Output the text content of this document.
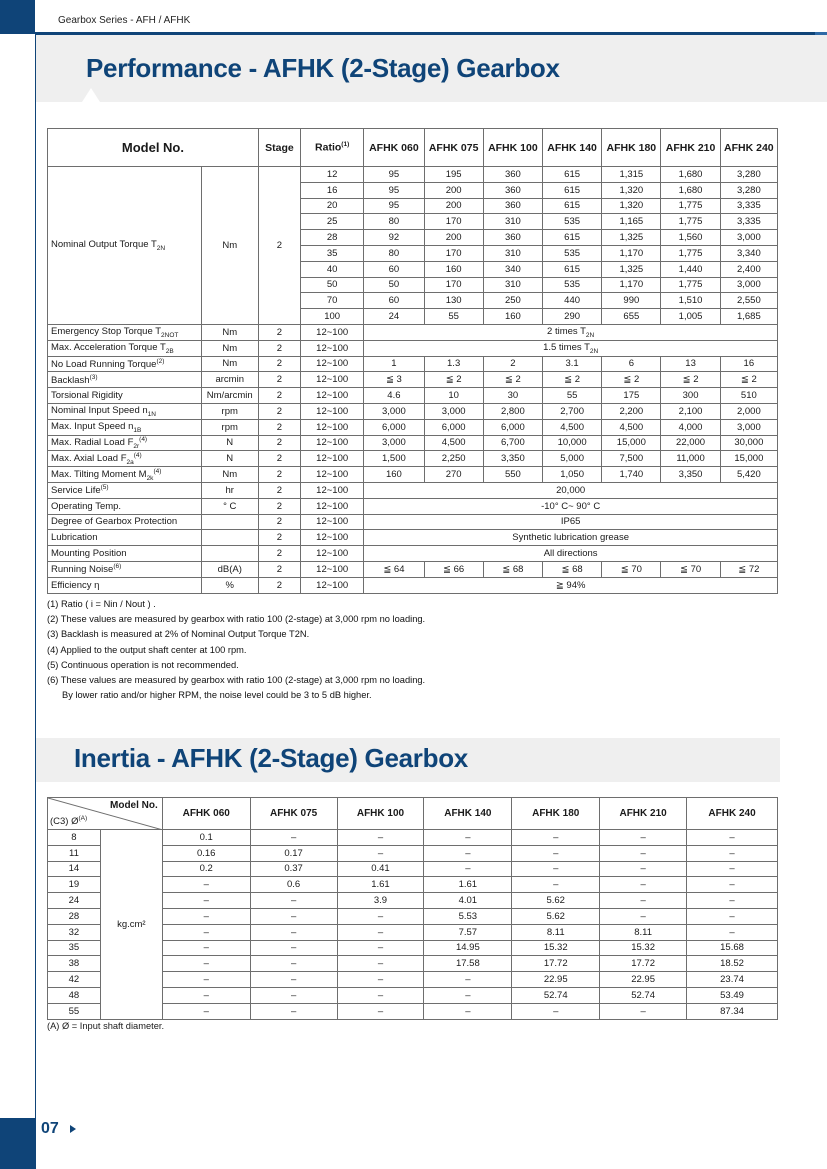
Gearbox Series - AFH / AFHK
Performance - AFHK (2-Stage) Gearbox
Model No.		Stage	Ratio$^{(1)}$	AFHK 060	AFHK 075	AFHK 100	AFHK 140	AFHK 180	AFHK 210	AFHK 240
Nominal Output Torque $T_{2N}$	Nm	2	12	95	195	360	615	1,315	1,680	3,280
			16	95	200	360	615	1,320	1,680	3,280
			20	95	200	360	615	1,320	1,775	3,335
			25	80	170	310	535	1,165	1,775	3,335
			28	92	200	360	615	1,325	1,560	3,000
			35	80	170	310	535	1,170	1,775	3,340
			40	60	160	340	615	1,325	1,440	2,400
			50	50	170	310	535	1,170	1,775	3,000
			70	60	130	250	440	990	1,510	2,550
			100	24	55	160	290	655	1,005	1,685
Emergency Stop Torque $T_{2NOT}$	Nm	2	12~100	2 times $T_{2N}$
Max. Acceleration Torque $T_{2B}$	Nm	2	12~100	1.5 times $T_{2N}$
No Load Running Torque$^{(2)}$	Nm	2	12~100	1	1.3	2	3.1	6	13	16
Backlash$^{(3)}$	arcmin	2	12~100	≦ 3	≦ 2	≦ 2	≦ 2	≦ 2	≦ 2	≦ 2
Torsional Rigidity	Nm/arcmin	2	12~100	4.6	10	30	55	175	300	510
Nominal Input Speed $n_{1N}$	rpm	2	12~100	3,000	3,000	2,800	2,700	2,200	2,100	2,000
Max. Input Speed $n_{1B}$	rpm	2	12~100	6,000	6,000	6,000	4,500	4,500	4,000	3,000
Max. Radial Load $F_{2r}^{(4)}$	N	2	12~100	3,000	4,500	6,700	10,000	15,000	22,000	30,000
Max. Axial Load $F_{2a}^{(4)}$	N	2	12~100	1,500	2,250	3,350	5,000	7,500	11,000	15,000
Max. Tilting Moment $M_{2k}^{(4)}$	Nm	2	12~100	160	270	550	1,050	1,740	3,350	5,420
Service Life$^{(5)}$	hr	2	12~100	20,000						
Operating Temp.	° C	2	12~100	-10° C~ 90° C						
Degree of Gearbox Protection		2	12~100	IP65						
Lubrication		2	12~100	Synthetic lubrication grease						
Mounting Position		2	12~100	All directions						
Running Noise$^{(6)}$	dB(A)	2	12~100	≦ 64	≦ 66	≦ 68	≦ 68	≦ 70	≦ 70	≦ 72
Efficiency η	%	2	12~100	≧ 94%						
(1) Ratio ( i = Nin / Nout ) .
(2) These values are measured by gearbox with ratio 100 (2-stage) at 3,000 rpm no loading.
(3) Backlash is measured at 2% of Nominal Output Torque T2N.
(4) Applied to the output shaft center at 100 rpm.
(5) Continuous operation is not recommended.
(6) These values are measured by gearbox with ratio 100 (2-stage) at 3,000 rpm no loading.
By lower ratio and/or higher RPM, the noise level could be 3 to 5 dB higher.
Inertia - AFHK (2-Stage) Gearbox
Model No.
(C3) $Ø^{(A)}$		AFHK 060	AFHK 075	AFHK 100	AFHK 140	AFHK 180	AFHK 210	AFHK 240
8	kg.cm²	0.1	–	–	–	–	–	–
11		0.16	0.17	–	–	–	–	–
14		0.2	0.37	0.41	–	–	–	–
19		–	0.6	1.61	1.61	–	–	–
24		–	–	3.9	4.01	5.62	–	–
28		–	–	–	5.53	5.62	–	–
32		–	–	–	7.57	8.11	8.11	–
35		–	–	–	14.95	15.32	15.32	15.68
38		–	–	–	17.58	17.72	17.72	18.52
42		–	–	–	–	22.95	22.95	23.74
48		–	–	–	–	52.74	52.74	53.49
55		–	–	–	–	–	–	87.34
(A) Ø = Input shaft diameter.
07
